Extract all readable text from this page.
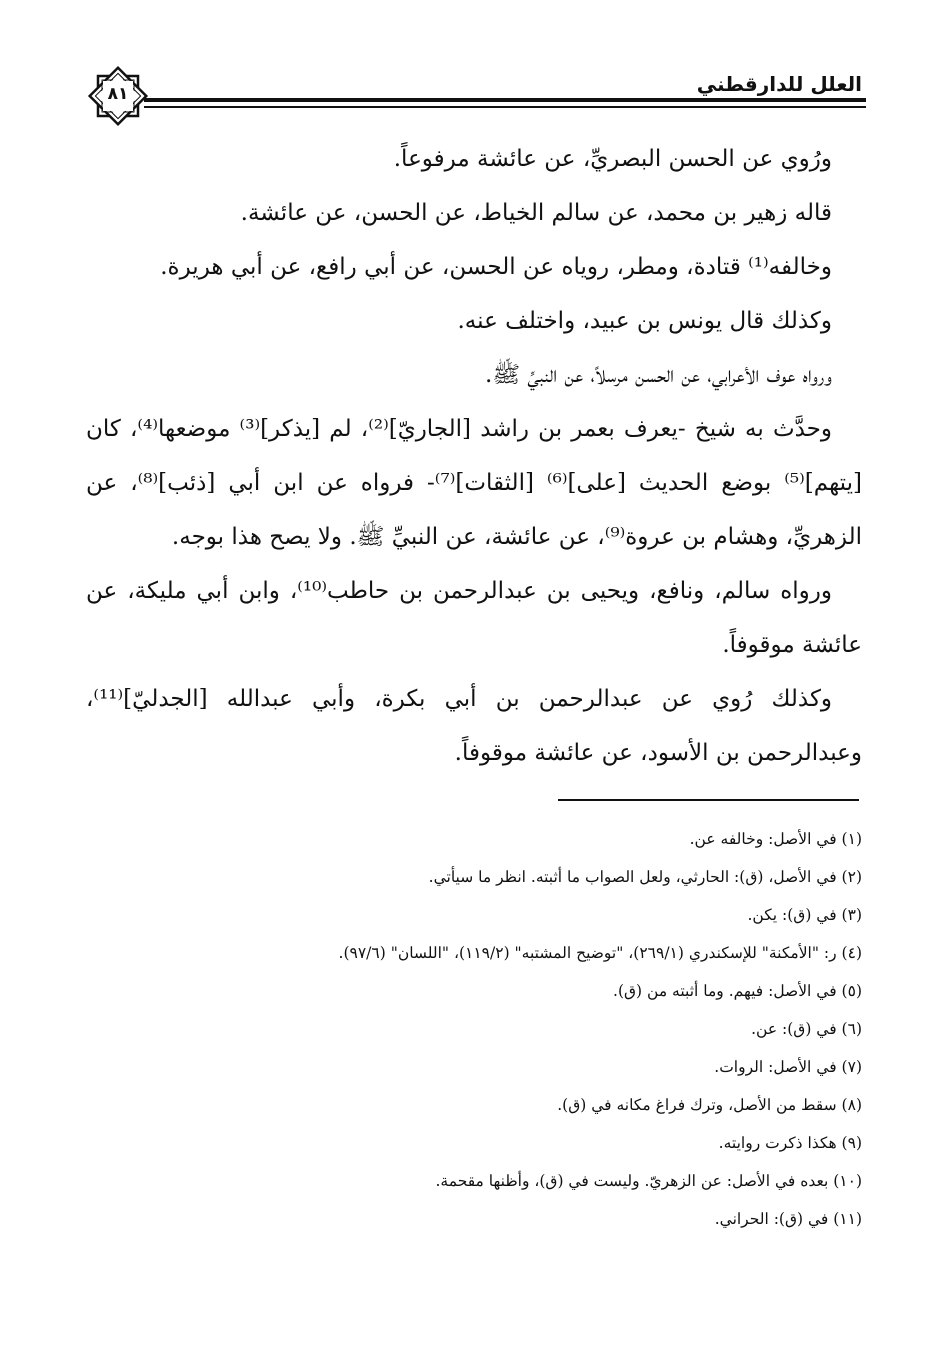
العلل للدارقطني
٨١

ورُوي عن الحسن البصريِّ، عن عائشة مرفوعاً.

قاله زهير بن محمد، عن سالم الخياط، عن الحسن، عن عائشة.

وخالفه⁽¹⁾ قتادة، ومطر، روياه عن الحسن، عن أبي رافع، عن أبي هريرة.

وكذلك قال يونس بن عبيد، واختلف عنه.

ورواه عوف الأعرابي، عن الحسن مرسلاً، عن النبيِّ ﷺ.

وحدَّث به شيخ -يعرف بعمر بن راشد [الجاريّ]⁽²⁾، لم [يذكر]⁽³⁾ موضعها⁽⁴⁾، كان [يتهم]⁽⁵⁾ بوضع الحديث [على]⁽⁶⁾ [الثقات]⁽⁷⁾- فرواه عن ابن أبي [ذئب]⁽⁸⁾، عن الزهريِّ، وهشام بن عروة⁽⁹⁾، عن عائشة، عن النبيِّ ﷺ. ولا يصح هذا بوجه.

ورواه سالم، ونافع، ويحيى بن عبدالرحمن بن حاطب⁽¹⁰⁾، وابن أبي مليكة، عن عائشة موقوفاً.

وكذلك رُوي عن عبدالرحمن بن أبي بكرة، وأبي عبدالله [الجدليّ]⁽¹¹⁾، وعبدالرحمن بن الأسود، عن عائشة موقوفاً.

(١) في الأصل: وخالفه عن.

(٢) في الأصل، (ق): الحارثي، ولعل الصواب ما أثبته. انظر ما سيأتي.

(٣) في (ق): يكن.

(٤) ر: "الأمكنة" للإسكندري (٢٦٩/١)، "توضيح المشتبه" (١١٩/٢)، "اللسان" (٩٧/٦).

(٥) في الأصل: فيهم. وما أثبته من (ق).

(٦) في (ق): عن.

(٧) في الأصل: الروات.

(٨) سقط من الأصل، وترك فراغ مكانه في (ق).

(٩) هكذا ذكرت روايته.

(١٠) بعده في الأصل: عن الزهريّ. وليست في (ق)، وأظنها مقحمة.

(١١) في (ق): الحراني.
